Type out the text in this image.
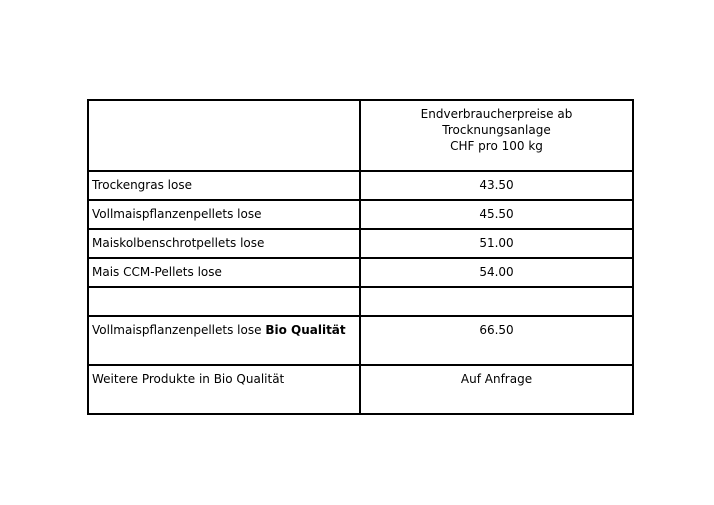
	Endverbraucherpreise ab
Trocknungsanlage
CHF pro 100 kg

Trockengras lose	43.50
Vollmaispflanzenpellets lose	45.50
Maiskolbenschrotpellets lose	51.00
Mais CCM-Pellets lose	54.00

Vollmaispflanzenpellets lose Bio Qualität	66.50
Weitere Produkte in Bio Qualität	Auf Anfrage
